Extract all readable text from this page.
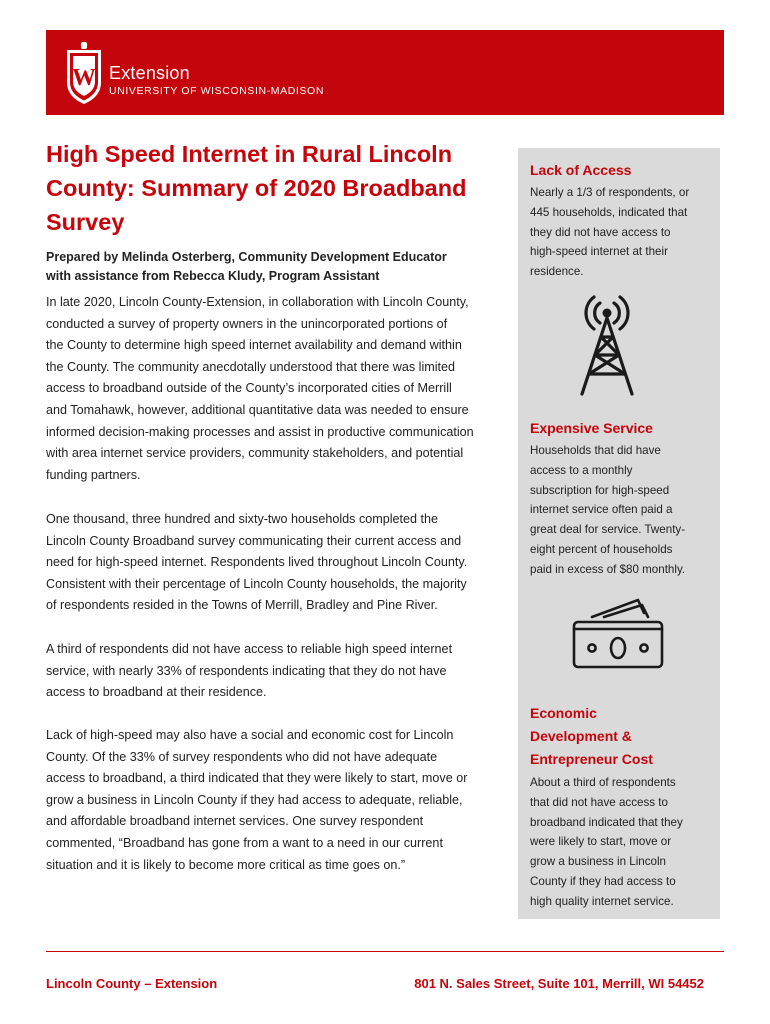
W Extension
UNIVERSITY OF WISCONSIN-MADISON
High Speed Internet in Rural Lincoln County: Summary of 2020 Broadband Survey
Prepared by Melinda Osterberg, Community Development Educator
with assistance from Rebecca Kludy, Program Assistant

In late 2020, Lincoln County-Extension, in collaboration with Lincoln County,

conducted a survey of property owners in the unincorporated portions of

the County to determine high speed internet availability and demand within

the County. The community anecdotally understood that there was limited

access to broadband outside of the County’s incorporated cities of Merrill

and Tomahawk, however, additional quantitative data was needed to ensure

informed decision-making processes and assist in productive communication

with area internet service providers, community stakeholders, and potential

funding partners.

One thousand, three hundred and sixty-two households completed the

Lincoln County Broadband survey communicating their current access and

need for high-speed internet. Respondents lived throughout Lincoln County.

Consistent with their percentage of Lincoln County households, the majority

of respondents resided in the Towns of Merrill, Bradley and Pine River.

A third of respondents did not have access to reliable high speed internet

service, with nearly 33% of respondents indicating that they do not have

access to broadband at their residence.

Lack of high-speed may also have a social and economic cost for Lincoln

County. Of the 33% of survey respondents who did not have adequate

access to broadband, a third indicated that they were likely to start, move or

grow a business in Lincoln County if they had access to adequate, reliable,

and affordable broadband internet services. One survey respondent

commented, “Broadband has gone from a want to a need in our current

situation and it is likely to become more critical as time goes on.”

Lack of Access
Nearly a 1/3 of respondents, or
445 households, indicated that
they did not have access to
high-speed internet at their
residence.
Expensive Service
Households that did have
access to a monthly
subscription for high-speed
internet service often paid a
great deal for service. Twenty-
eight percent of households
paid in excess of $80 monthly.
Economic
Development &
Entrepreneur Cost
About a third of respondents
that did not have access to
broadband indicated that they
were likely to start, move or
grow a business in Lincoln
County if they had access to
high quality internet service.
Lincoln County – Extension	801 N. Sales Street, Suite 101, Merrill, WI 54452
